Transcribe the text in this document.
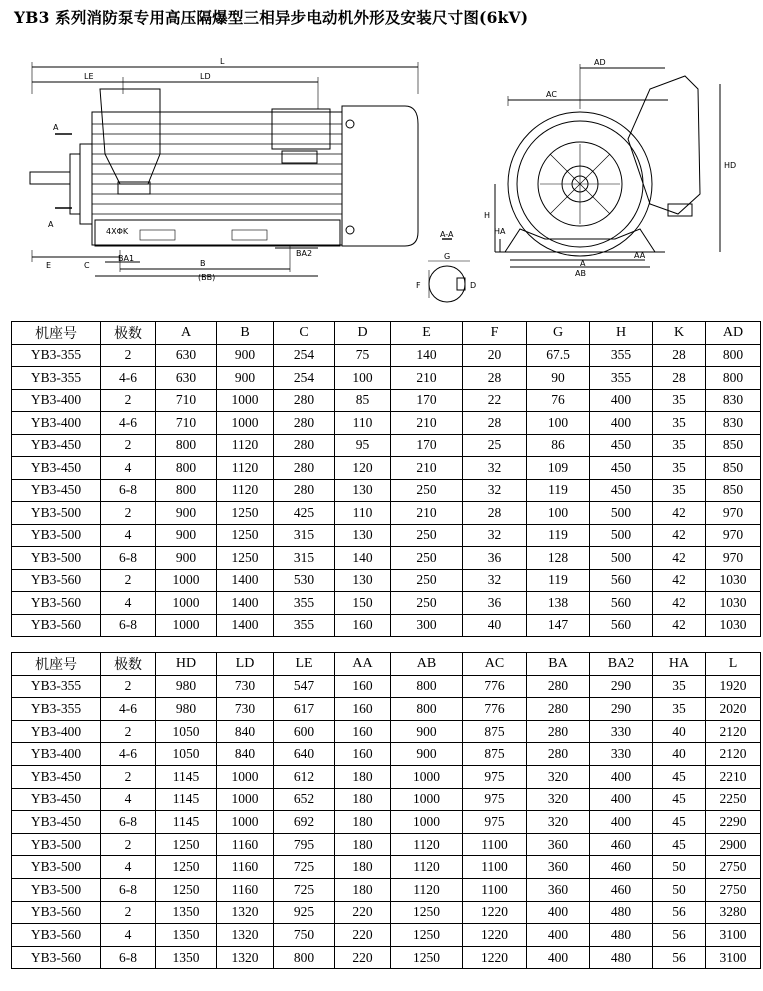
YB3 系列消防泵专用高压隔爆型三相异步电动机外形及安装尺寸图(6kV)
L
LE	LD
A
A
E	C
BA1
B
(BB)
BA2
4XΦK
AD
AC
HD
H
HA
A
AB
AA
A-A
G
F	D
机座号	极数	A	B	C	D	E	F	G	H	K	AD
YB3-355	2	630	900	254	75	140	20	67.5	355	28	800
YB3-355	4-6	630	900	254	100	210	28	90	355	28	800
YB3-400	2	710	1000	280	85	170	22	76	400	35	830
YB3-400	4-6	710	1000	280	110	210	28	100	400	35	830
YB3-450	2	800	1120	280	95	170	25	86	450	35	850
YB3-450	4	800	1120	280	120	210	32	109	450	35	850
YB3-450	6-8	800	1120	280	130	250	32	119	450	35	850
YB3-500	2	900	1250	425	110	210	28	100	500	42	970
YB3-500	4	900	1250	315	130	250	32	119	500	42	970
YB3-500	6-8	900	1250	315	140	250	36	128	500	42	970
YB3-560	2	1000	1400	530	130	250	32	119	560	42	1030
YB3-560	4	1000	1400	355	150	250	36	138	560	42	1030
YB3-560	6-8	1000	1400	355	160	300	40	147	560	42	1030
机座号	极数	HD	LD	LE	AA	AB	AC	BA	BA2	HA	L
YB3-355	2	980	730	547	160	800	776	280	290	35	1920
YB3-355	4-6	980	730	617	160	800	776	280	290	35	2020
YB3-400	2	1050	840	600	160	900	875	280	330	40	2120
YB3-400	4-6	1050	840	640	160	900	875	280	330	40	2120
YB3-450	2	1145	1000	612	180	1000	975	320	400	45	2210
YB3-450	4	1145	1000	652	180	1000	975	320	400	45	2250
YB3-450	6-8	1145	1000	692	180	1000	975	320	400	45	2290
YB3-500	2	1250	1160	795	180	1120	1100	360	460	45	2900
YB3-500	4	1250	1160	725	180	1120	1100	360	460	50	2750
YB3-500	6-8	1250	1160	725	180	1120	1100	360	460	50	2750
YB3-560	2	1350	1320	925	220	1250	1220	400	480	56	3280
YB3-560	4	1350	1320	750	220	1250	1220	400	480	56	3100
YB3-560	6-8	1350	1320	800	220	1250	1220	400	480	56	3100
